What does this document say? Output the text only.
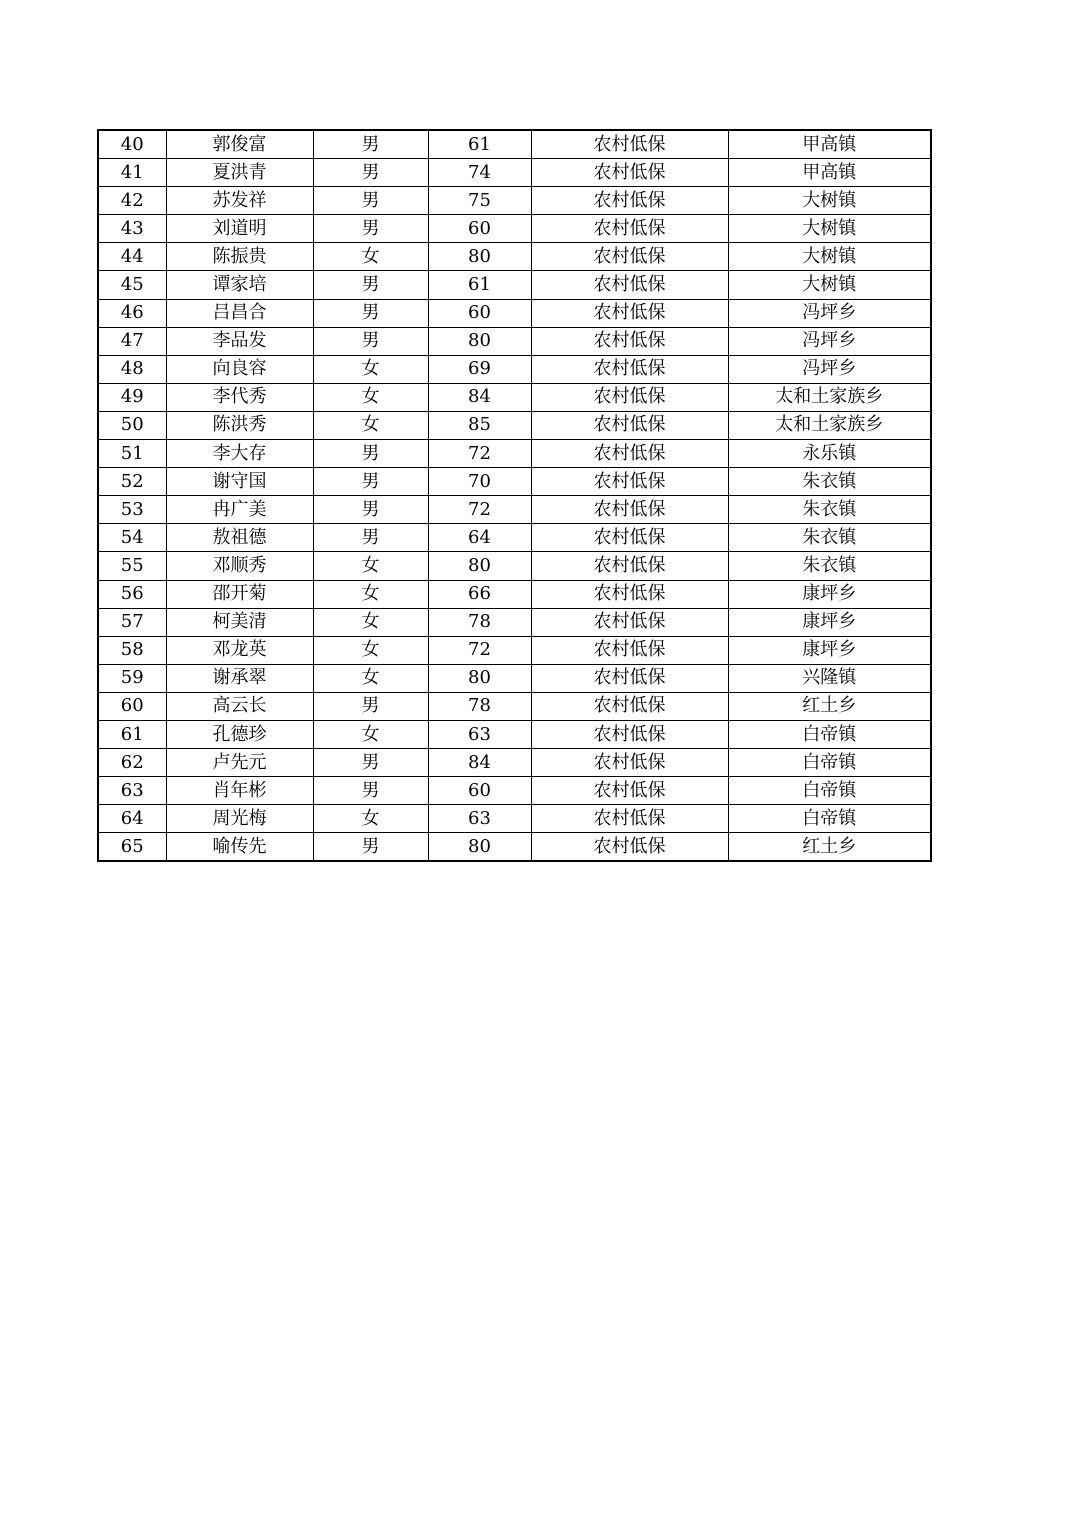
40	郭俊富	男	61	农村低保	甲高镇
41	夏洪青	男	74	农村低保	甲高镇
42	苏发祥	男	75	农村低保	大树镇
43	刘道明	男	60	农村低保	大树镇
44	陈振贵	女	80	农村低保	大树镇
45	谭家培	男	61	农村低保	大树镇
46	吕昌合	男	60	农村低保	冯坪乡
47	李品发	男	80	农村低保	冯坪乡
48	向良容	女	69	农村低保	冯坪乡
49	李代秀	女	84	农村低保	太和土家族乡
50	陈洪秀	女	85	农村低保	太和土家族乡
51	李大存	男	72	农村低保	永乐镇
52	谢守国	男	70	农村低保	朱衣镇
53	冉广美	男	72	农村低保	朱衣镇
54	敖祖德	男	64	农村低保	朱衣镇
55	邓顺秀	女	80	农村低保	朱衣镇
56	邵开菊	女	66	农村低保	康坪乡
57	柯美清	女	78	农村低保	康坪乡
58	邓龙英	女	72	农村低保	康坪乡
59	谢承翠	女	80	农村低保	兴隆镇
60	高云长	男	78	农村低保	红土乡
61	孔德珍	女	63	农村低保	白帝镇
62	卢先元	男	84	农村低保	白帝镇
63	肖年彬	男	60	农村低保	白帝镇
64	周光梅	女	63	农村低保	白帝镇
65	喻传先	男	80	农村低保	红土乡
